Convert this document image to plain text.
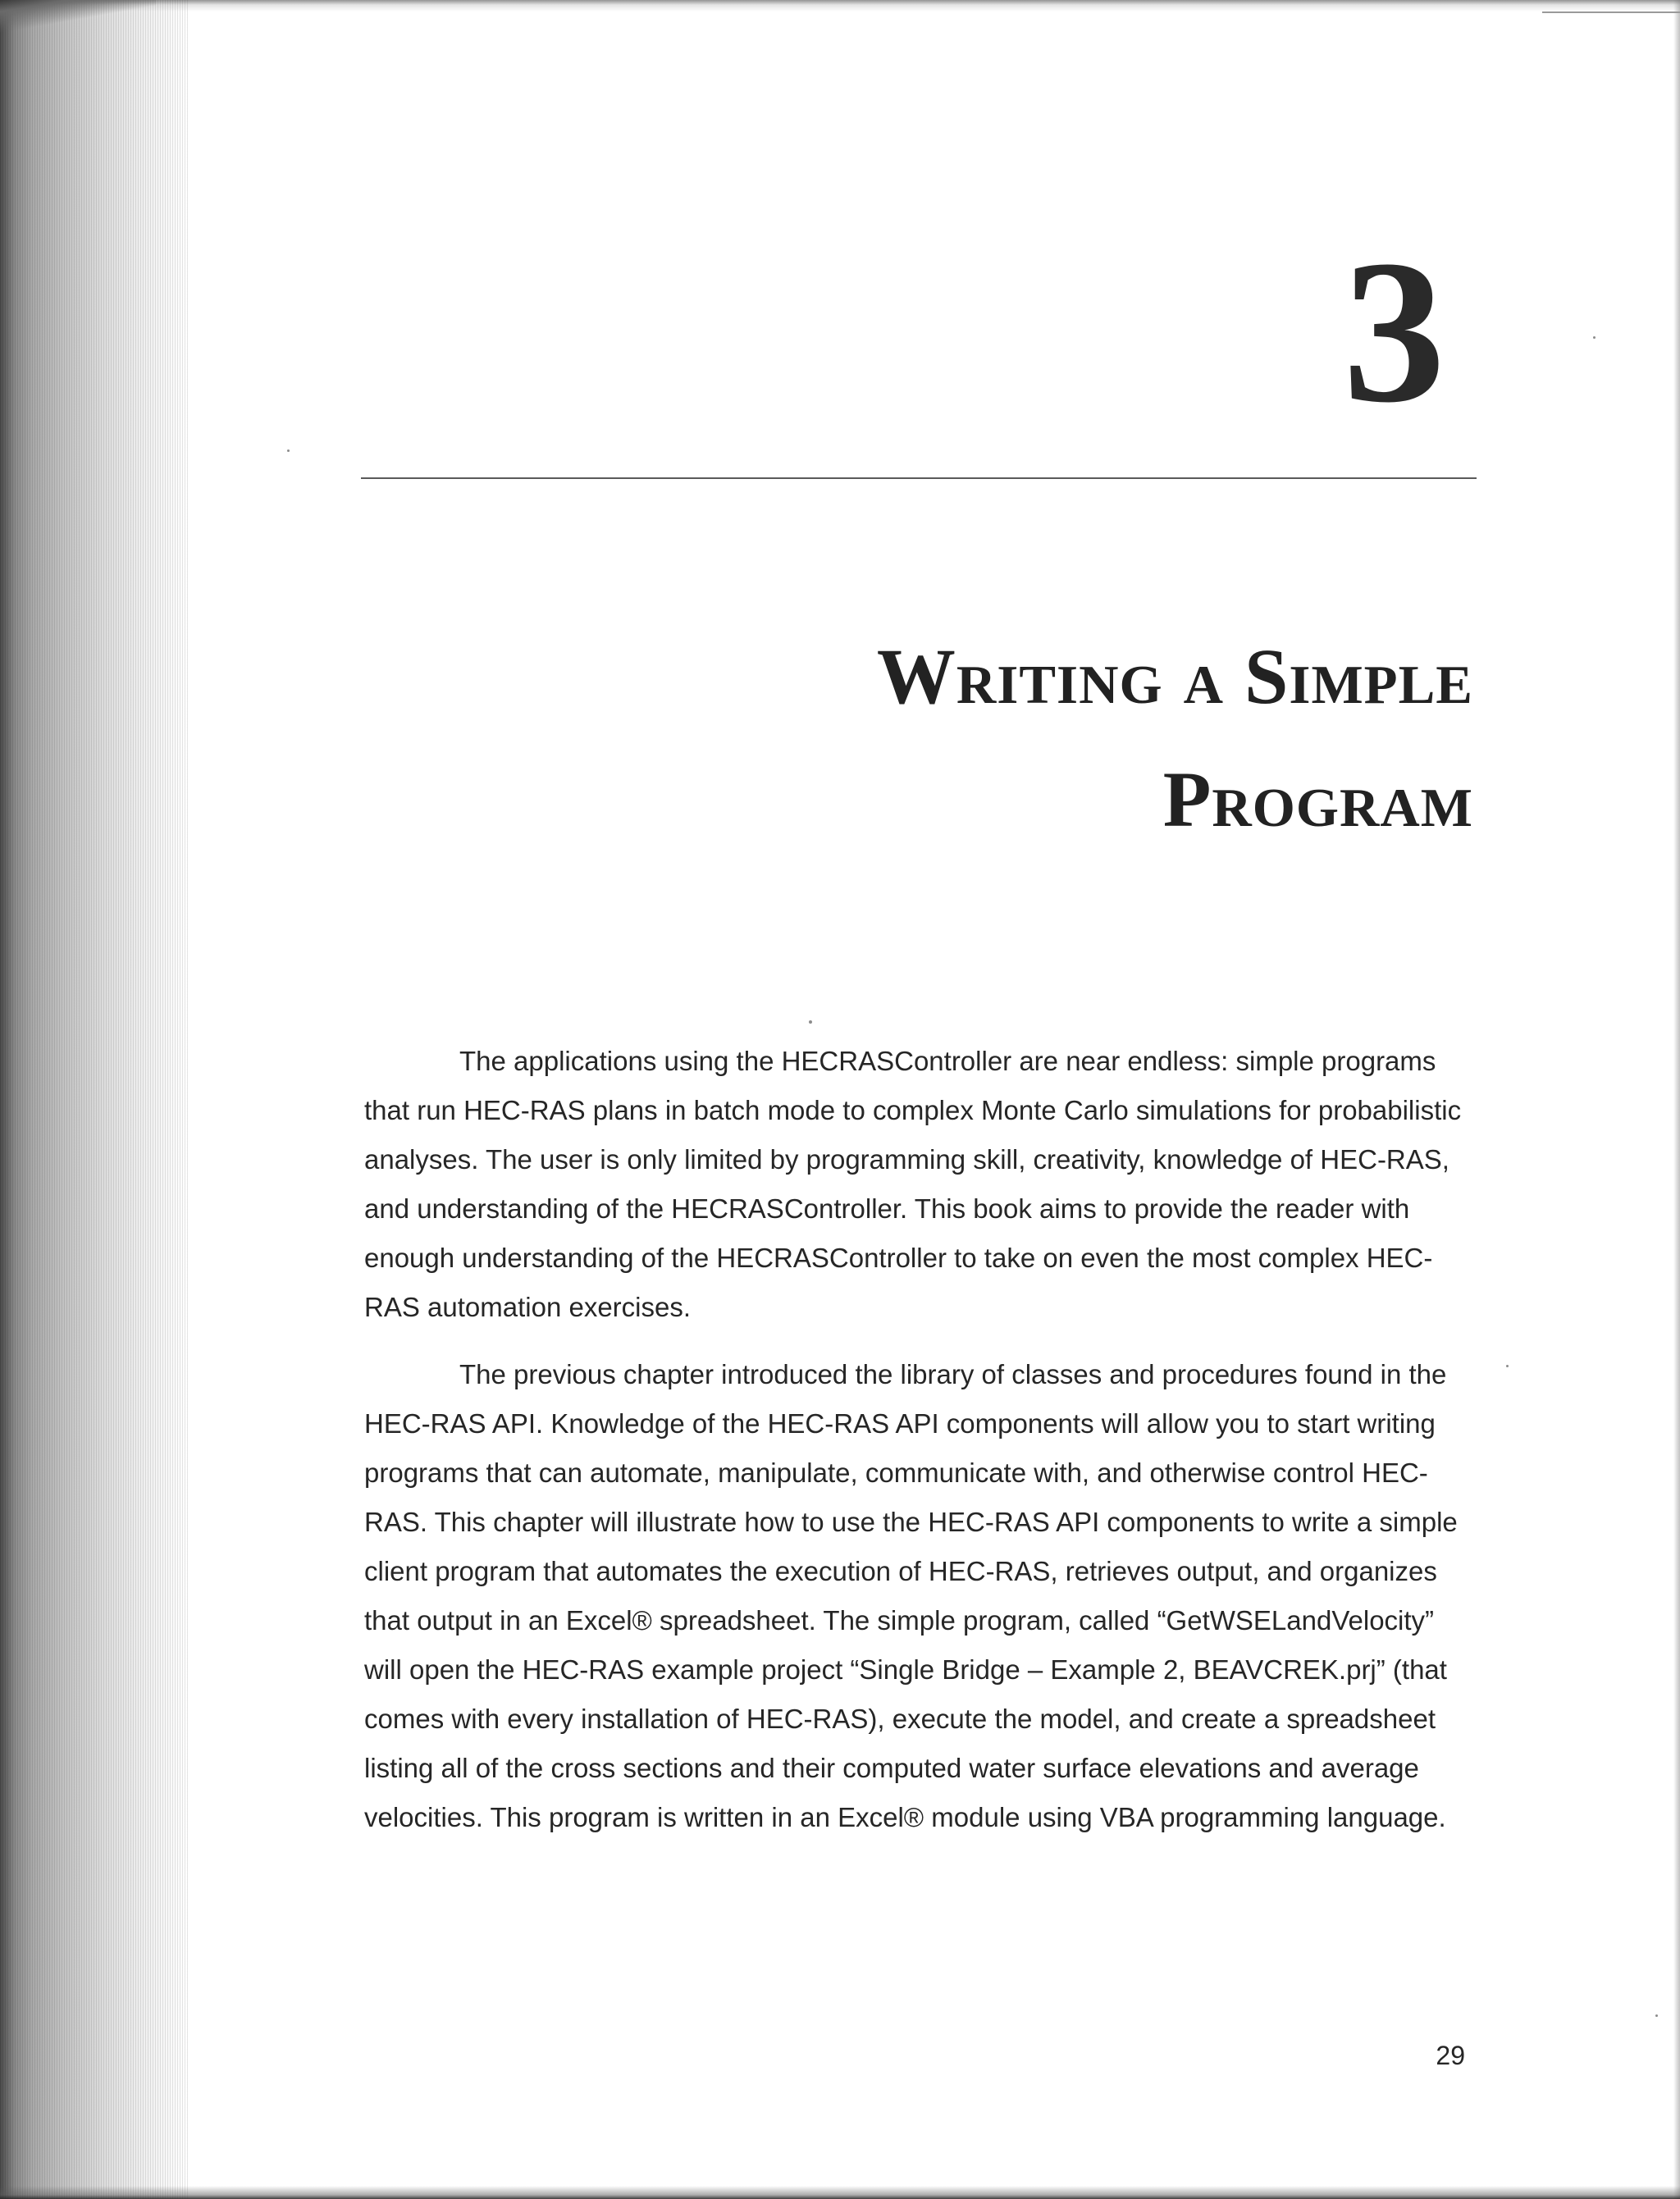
3
Writing a Simple
Program

The applications using the HECRASController are near endless: simple programs that run HEC-RAS plans in batch mode to complex Monte Carlo simulations for probabilistic analyses. The user is only limited by programming skill, creativity, knowledge of HEC-RAS, and understanding of the HECRASController. This book aims to provide the reader with enough understanding of the HECRASController to take on even the most complex HEC-RAS automation exercises.

The previous chapter introduced the library of classes and procedures found in the HEC-RAS API. Knowledge of the HEC-RAS API components will allow you to start writing programs that can automate, manipulate, communicate with, and otherwise control HEC-RAS. This chapter will illustrate how to use the HEC-RAS API components to write a simple client program that automates the execution of HEC-RAS, retrieves output, and organizes that output in an Excel® spreadsheet. The simple program, called “GetWSELandVelocity” will open the HEC-RAS example project “Single Bridge – Example 2, BEAVCREK.prj” (that comes with every installation of HEC-RAS), execute the model, and create a spreadsheet listing all of the cross sections and their computed water surface elevations and average velocities. This program is written in an Excel® module using VBA programming language.

29
